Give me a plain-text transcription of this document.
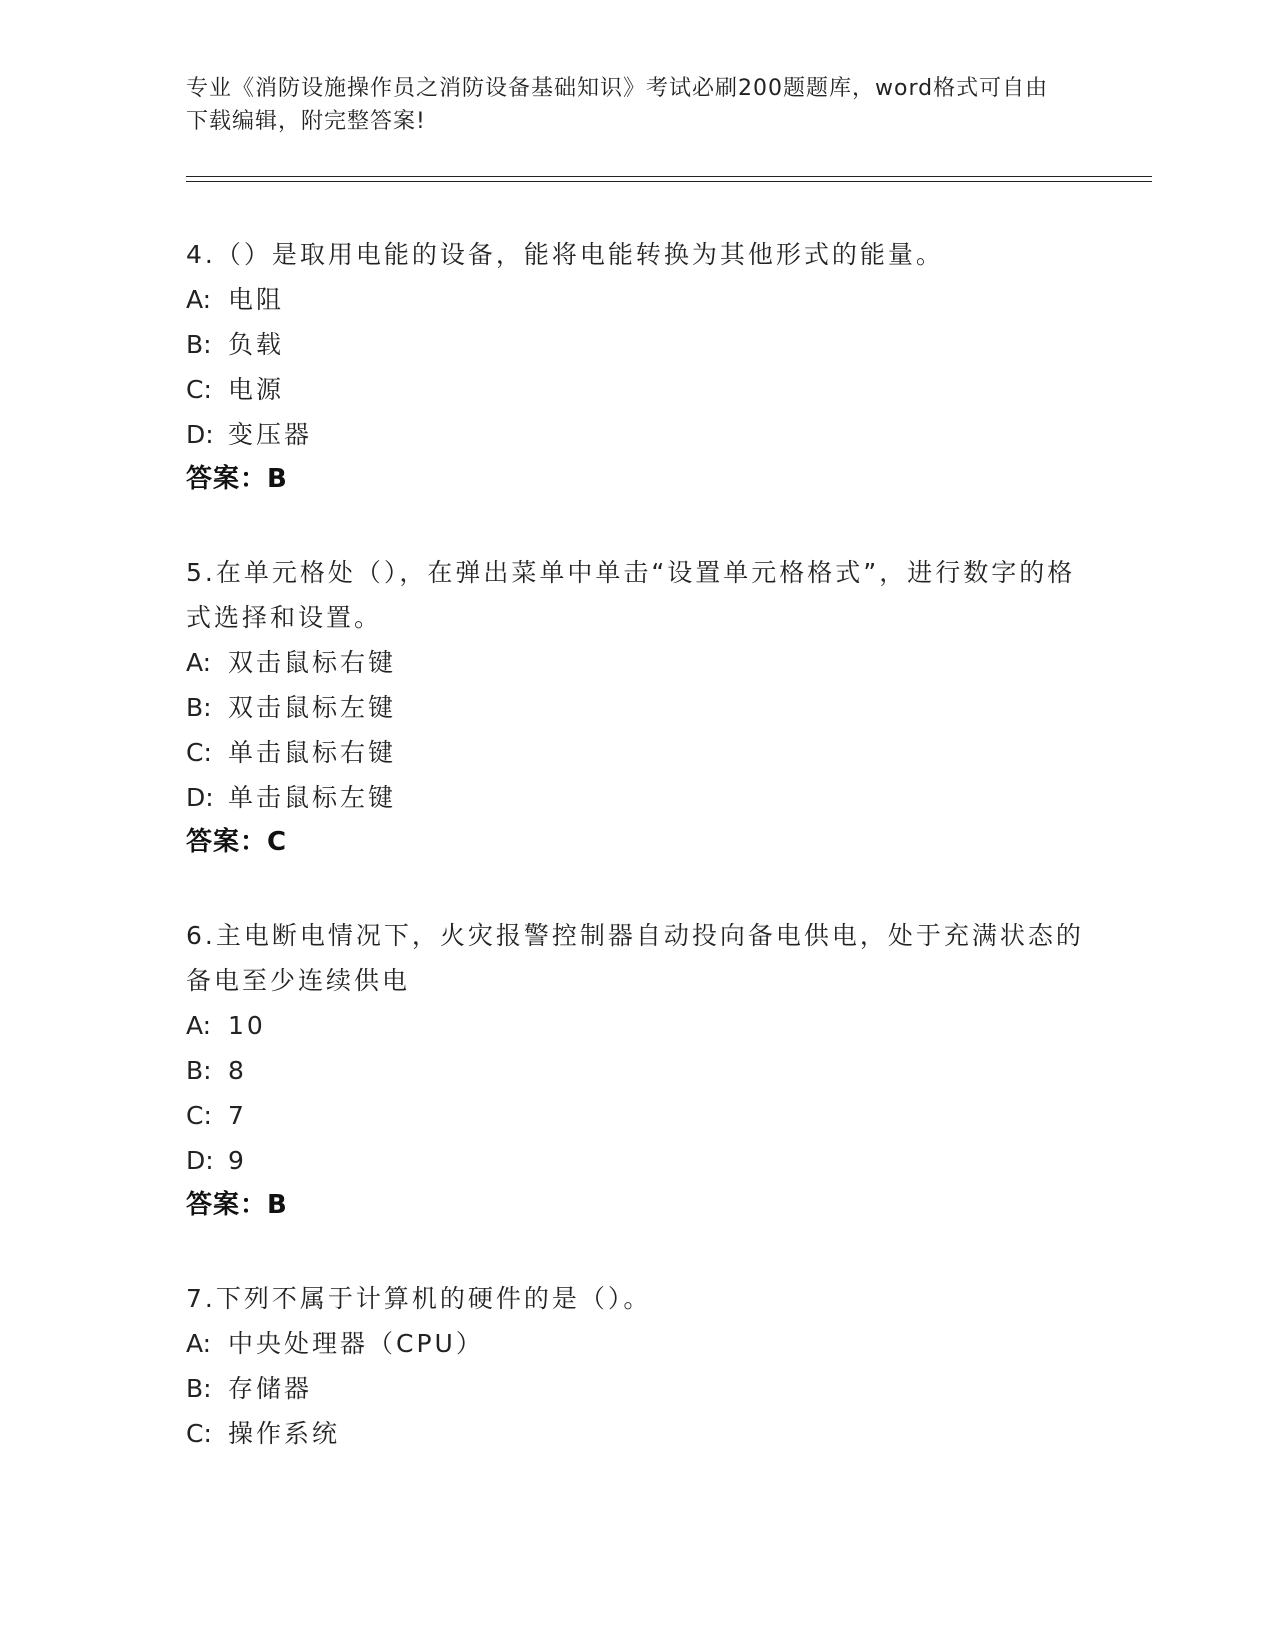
专业《消防设施操作员之消防设备基础知识》考试必刷200题题库，word格式可自由下载编辑，附完整答案!
4.（）是取用电能的设备，能将电能转换为其他形式的能量。
A: 电阻
B: 负载
C: 电源
D: 变压器
答案：B
5.在单元格处（），在弹出菜单中单击“设置单元格格式”，进行数字的格式选择和设置。
A: 双击鼠标右键
B: 双击鼠标左键
C: 单击鼠标右键
D: 单击鼠标左键
答案：C
6.主电断电情况下，火灾报警控制器自动投向备电供电，处于充满状态的备电至少连续供电
A: 10
B: 8
C: 7
D: 9
答案：B
7.下列不属于计算机的硬件的是（）。
A: 中央处理器（CPU）
B: 存储器
C: 操作系统
